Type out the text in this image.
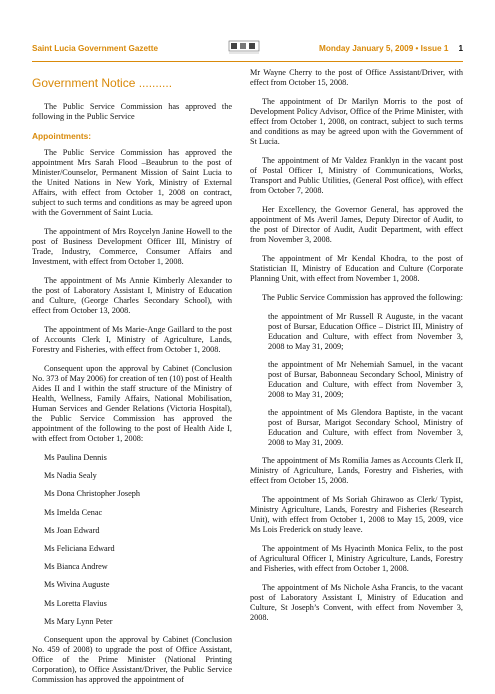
Saint Lucia Government Gazette	Monday January 5, 2009 • Issue 1 1
Government Notice ..........

The Public Service Commission has approved the following in the Public Service

Appointments:

The Public Service Commission has approved the appointment Mrs Sarah Flood –Beaubrun to the post of Minister/Counselor, Permanent Mission of Saint Lucia to the United Nations in New York, Ministry of External Affairs, with effect from October 1, 2008 on contract, subject to such terms and conditions as may be agreed upon with the Government of Saint Lucia.

The appointment of Mrs Roycelyn Janine Howell to the post of Business Development Officer III, Ministry of Trade, Industry, Commerce, Consumer Affairs and Investment, with effect from October 1, 2008.

The appointment of Ms Annie Kimberly Alexander to the post of Laboratory Assistant I, Ministry of Education and Culture, (George Charles Secondary School), with effect from October 13, 2008.

The appointment of Ms Marie-Ange Gaillard to the post of Accounts Clerk I, Ministry of Agriculture, Lands, Forestry and Fisheries, with effect from October 1, 2008.

Consequent upon the approval by Cabinet (Conclusion No. 373 of May 2006) for creation of ten (10) post of Health Aides II and I within the staff structure of the Ministry of Health, Wellness, Family Affairs, National Mobilisation, Human Services and Gender Relations (Victoria Hospital), the Public Service Commission has approved the appointment of the following to the post of Health Aide I, with effect from October 1, 2008:

Ms Paulina Dennis
Ms Nadia Sealy
Ms Dona Christopher Joseph
Ms Imelda Cenac
Ms Joan Edward
Ms Feliciana Edward
Ms Bianca Andrew
Ms Wivina Auguste
Ms Loretta Flavius
Ms Mary Lynn Peter

Consequent upon the approval by Cabinet (Conclusion No. 459 of 2008) to upgrade the post of Office Assistant, Office of the Prime Minister (National Printing Corporation), to Office Assistant/Driver, the Public Service Commission has approved the appointment of

Mr Wayne Cherry to the post of Office Assistant/Driver, with effect from October 15, 2008.

The appointment of Dr Marilyn Morris to the post of Development Policy Advisor, Office of the Prime Minister, with effect from October 1, 2008, on contract, subject to such terms and conditions as may be agreed upon with the Government of St Lucia.

The appointment of Mr Valdez Franklyn in the vacant post of Postal Officer I, Ministry of Communications, Works, Transport and Public Utilities, (General Post office), with effect from October 7, 2008.

Her Excellency, the Governor General, has approved the appointment of Ms Averil James, Deputy Director of Audit, to the post of Director of Audit, Audit Department, with effect from November 3, 2008.

The appointment of Mr Kendal Khodra, to the post of Statistician II, Ministry of Education and Culture (Corporate Planning Unit, with effect from November 1, 2008.

The Public Service Commission has approved the following:

the appointment of Mr Russell R Auguste, in the vacant post of Bursar, Education Office – District III, Ministry of Education and Culture, with effect from November 3, 2008 to May 31, 2009;

the appointment of Mr Nehemiah Samuel, in the vacant post of Bursar, Babonneau Secondary School, Ministry of Education and Culture, with effect from November 3, 2008 to May 31, 2009;

the appointment of Ms Glendora Baptiste, in the vacant post of Bursar, Marigot Secondary School, Ministry of Education and Culture, with effect from November 3, 2008 to May 31, 2009.

The appointment of Ms Romilia James as Accounts Clerk II, Ministry of Agriculture, Lands, Forestry and Fisheries, with effect from October 15, 2008.

The appointment of Ms Soriah Ghirawoo as Clerk/ Typist, Ministry Agriculture, Lands, Forestry and Fisheries (Research Unit), with effect from October 1, 2008 to May 15, 2009, vice Ms Lois Frederick on study leave.

The appointment of Ms Hyacinth Monica Felix, to the post of Agricultural Officer I, Ministry Agriculture, Lands, Forestry and Fisheries, with effect from October 1, 2008.

The appointment of Ms Nichole Asha Francis, to the vacant post of Laboratory Assistant I, Ministry of Education and Culture, St Joseph’s Convent, with effect from November 3, 2008.
